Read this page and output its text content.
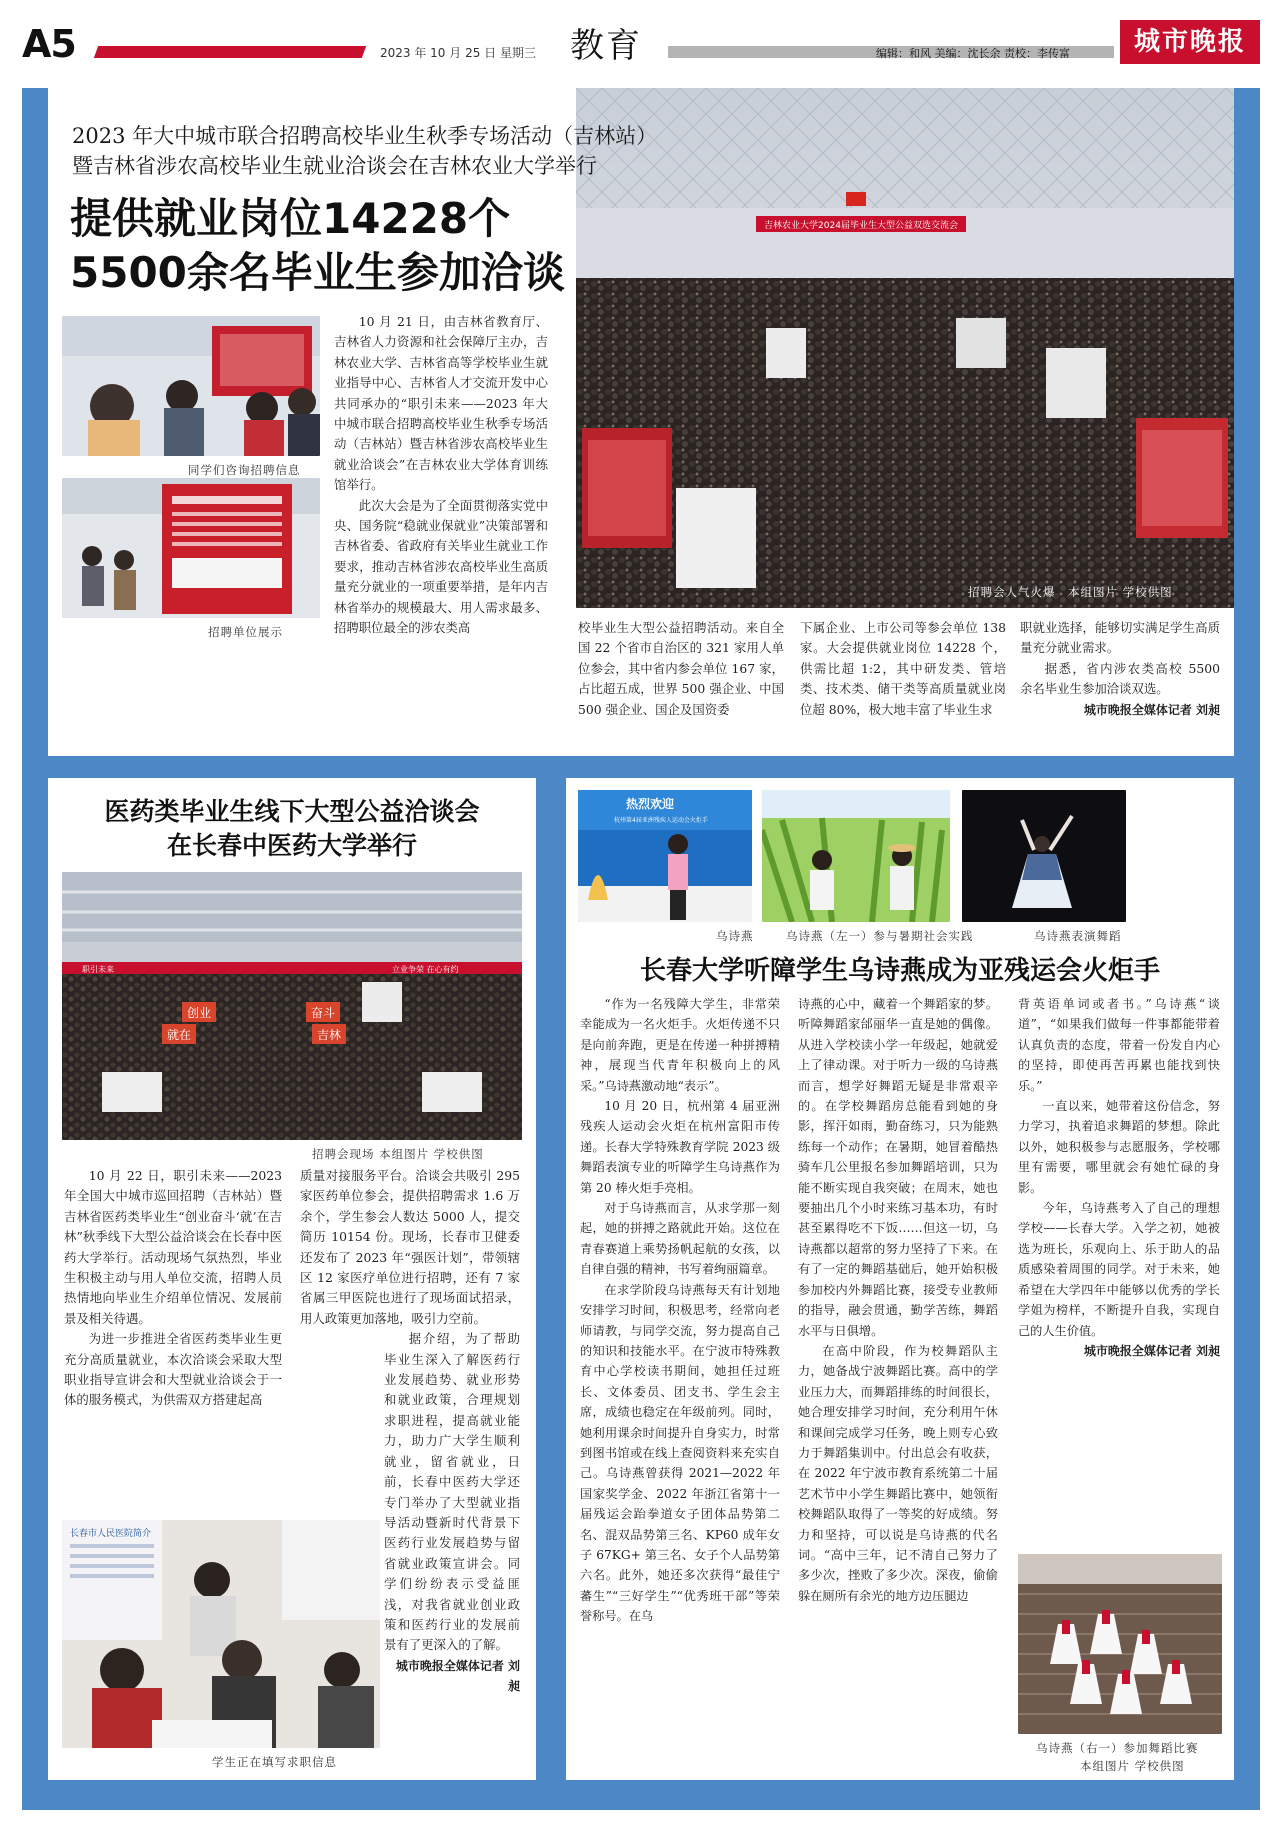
A5	2023 年 10 月 25 日 星期三 教育	编辑：和风 美编：沈长余 责校：李传富	城市晚报
吉林农业大学2024届毕业生大型公益双选交流会
招聘会人气火爆　本组图片 学校供图
2023 年大中城市联合招聘高校毕业生秋季专场活动（吉林站）
暨吉林省涉农高校毕业生就业洽谈会在吉林农业大学举行
提供就业岗位14228个
5500余名毕业生参加洽谈
同学们咨询招聘信息
招聘单位展示

10 月 21 日，由吉林省教育厅、吉林省人力资源和社会保障厅主办，吉林农业大学、吉林省高等学校毕业生就业指导中心、吉林省人才交流开发中心共同承办的“职引未来——2023 年大中城市联合招聘高校毕业生秋季专场活动（吉林站）暨吉林省涉农高校毕业生就业洽谈会”在吉林农业大学体育训练馆举行。

此次大会是为了全面贯彻落实党中央、国务院“稳就业保就业”决策部署和吉林省委、省政府有关毕业生就业工作要求，推动吉林省涉农高校毕业生高质量充分就业的一项重要举措，是年内吉林省举办的规模最大、用人需求最多、招聘职位最全的涉农类高	校毕业生大型公益招聘活动。来自全国 22 个省市自治区的 321 家用人单位参会，其中省内参会单位 167 家，占比超五成，世界 500 强企业、中国 500 强企业、国企及国资委

下属企业、上市公司等参会单位 138 家。大会提供就业岗位 14228 个，供需比超 1:2，其中研发类、管培类、技术类、储干类等高质量就业岗位超 80%，极大地丰富了毕业生求

职就业选择，能够切实满足学生高质量充分就业需求。

据悉，省内涉农类高校 5500 余名毕业生参加洽谈双选。

城市晚报全媒体记者 刘昶
医药类毕业生线下大型公益洽谈会
在长春中医药大学举行
职引未来	立业争荣 在心有约
创业	奋斗
就在	吉林
招聘会现场 本组图片 学校供图

10 月 22 日，职引未来——2023 年全国大中城市巡回招聘（吉林站）暨吉林省医药类毕业生“创业奋斗‘就’在吉林”秋季线下大型公益洽谈会在长春中医药大学举行。活动现场气氛热烈，毕业生积极主动与用人单位交流，招聘人员热情地向毕业生介绍单位情况、发展前景及相关待遇。

为进一步推进全省医药类毕业生更充分高质量就业，本次洽谈会采取大型职业指导宣讲会和大型就业洽谈会于一体的服务模式，为供需双方搭建起高

质量对接服务平台。洽谈会共吸引 295 家医药单位参会，提供招聘需求 1.6 万余个，学生参会人数达 5000 人，提交简历 10154 份。现场，长春市卫健委还发布了 2023 年“强医计划”，带领辖区 12 家医疗单位进行招聘，还有 7 家省属三甲医院也进行了现场面试招录，用人政策更加落地，吸引力空前。

据介绍，为了帮助毕业生深入了解医药行业发展趋势、就业形势和就业政策，合理规划求职进程，提高就业能力，助力广大学生顺利就业，留省就业，日前，长春中医药大学还专门举办了大型就业指导活动暨新时代背景下医药行业发展趋势与留省就业政策宣讲会。同学们纷纷表示受益匪浅，对我省就业创业政策和医药行业的发展前景有了更深入的了解。

城市晚报全媒体记者 刘昶
长春市人民医院简介
学生正在填写求职信息
热烈欢迎
杭州第4届亚洲残疾人运动会火炬手
乌诗燕	乌诗燕（左一）参与暑期社会实践	乌诗燕表演舞蹈
长春大学听障学生乌诗燕成为亚残运会火炬手

“作为一名残障大学生，非常荣幸能成为一名火炬手。火炬传递不只是向前奔跑，更是在传递一种拼搏精神，展现当代青年积极向上的风采。”乌诗燕激动地“表示”。

10 月 20 日，杭州第 4 届亚洲残疾人运动会火炬在杭州富阳市传递。长春大学特殊教育学院 2023 级舞蹈表演专业的听障学生乌诗燕作为第 20 棒火炬手亮相。

对于乌诗燕而言，从求学那一刻起，她的拼搏之路就此开始。这位在青春赛道上乘势扬帆起航的女孩，以自律自强的精神，书写着绚丽篇章。

在求学阶段乌诗燕每天有计划地安排学习时间，积极思考，经常向老师请教，与同学交流，努力提高自己的知识和技能水平。在宁波市特殊教育中心学校读书期间，她担任过班长、文体委员、团支书、学生会主席，成绩也稳定在年级前列。同时，她利用课余时间提升自身实力，时常到图书馆或在线上查阅资料来充实自己。乌诗燕曾获得 2021—2022 年国家奖学金、2022 年浙江省第十一届残运会跆拳道女子团体品势第二名、混双品势第三名、KP60 成年女子 67KG+ 第三名、女子个人品势第六名。此外，她还多次获得“最佳宁蕃生”“三好学生”“优秀班干部”等荣誉称号。在乌

诗燕的心中，藏着一个舞蹈家的梦。听障舞蹈家邰丽华一直是她的偶像。从进入学校读小学一年级起，她就爱上了律动课。对于听力一级的乌诗燕而言，想学好舞蹈无疑是非常艰辛的。在学校舞蹈房总能看到她的身影，挥汗如雨，勤奋练习，只为能熟练每一个动作；在暑期，她冒着酷热骑车几公里报名参加舞蹈培训，只为能不断实现自我突破；在周末，她也要抽出几个小时来练习基本功，有时甚至累得吃不下饭……但这一切，乌诗燕都以超常的努力坚持了下来。在有了一定的舞蹈基础后，她开始积极参加校内外舞蹈比赛，接受专业教师的指导，融会贯通，勤学苦练，舞蹈水平与日俱增。

在高中阶段，作为校舞蹈队主力，她备战宁波舞蹈比赛。高中的学业压力大，而舞蹈排练的时间很长，她合理安排学习时间，充分利用午休和课间完成学习任务，晚上则专心致力于舞蹈集训中。付出总会有收获，在 2022 年宁波市教育系统第二十届艺术节中小学生舞蹈比赛中，她领衔校舞蹈队取得了一等奖的好成绩。努力和坚持，可以说是乌诗燕的代名词。“高中三年，记不清自己努力了多少次，挫败了多少次。深夜，偷偷躲在厕所有余光的地方边压腿边

背英语单词或者书。”乌诗燕“谈道”，“如果我们做每一件事都能带着认真负责的态度，带着一份发自内心的坚持，即使再苦再累也能找到快乐。”

一直以来，她带着这份信念，努力学习，执着追求舞蹈的梦想。除此以外，她积极参与志愿服务，学校哪里有需要，哪里就会有她忙碌的身影。

今年，乌诗燕考入了自己的理想学校——长春大学。入学之初，她被选为班长，乐观向上、乐于助人的品质感染着周围的同学。对于未来，她希望在大学四年中能够以优秀的学长学姐为榜样，不断提升自我，实现自己的人生价值。

城市晚报全媒体记者 刘昶
乌诗燕（右一）参加舞蹈比赛
本组图片 学校供图
